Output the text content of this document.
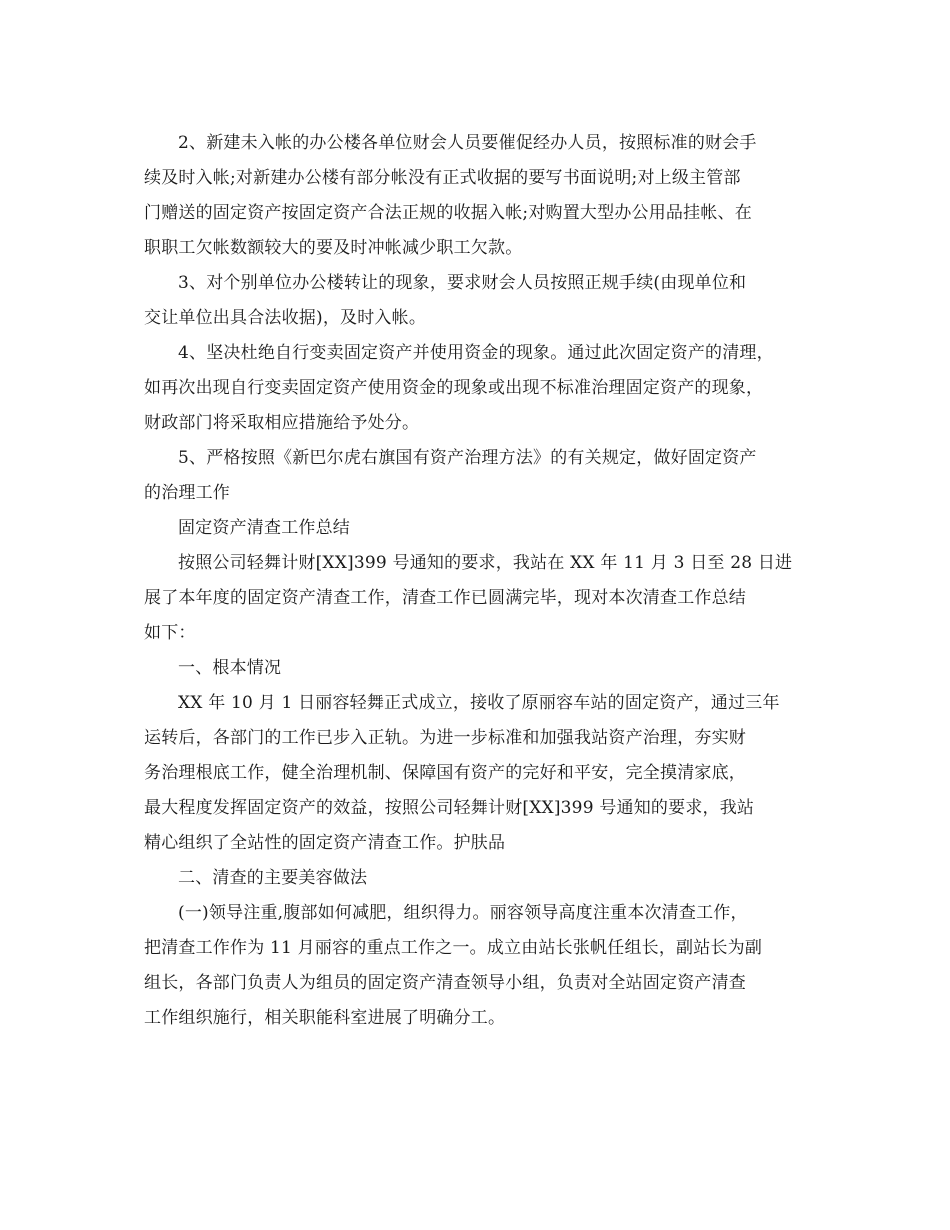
2、新建未入帐的办公楼各单位财会人员要催促经办人员，按照标准的财会手
续及时入帐;对新建办公楼有部分帐没有正式收据的要写书面说明;对上级主管部
门赠送的固定资产按固定资产合法正规的收据入帐;对购置大型办公用品挂帐、在
职职工欠帐数额较大的要及时冲帐减少职工欠款。
3、对个别单位办公楼转让的现象，要求财会人员按照正规手续(由现单位和
交让单位出具合法收据)，及时入帐。
4、坚决杜绝自行变卖固定资产并使用资金的现象。通过此次固定资产的清理，
如再次出现自行变卖固定资产使用资金的现象或出现不标准治理固定资产的现象，
财政部门将采取相应措施给予处分。
5、严格按照《新巴尔虎右旗国有资产治理方法》的有关规定，做好固定资产
的治理工作
固定资产清查工作总结
按照公司轻舞计财[XX]399 号通知的要求，我站在 XX 年 11 月 3 日至 28 日进
展了本年度的固定资产清查工作，清查工作已圆满完毕，现对本次清查工作总结
如下：
一、根本情况
XX 年 10 月 1 日丽容轻舞正式成立，接收了原丽容车站的固定资产，通过三年
运转后，各部门的工作已步入正轨。为进一步标准和加强我站资产治理，夯实财
务治理根底工作，健全治理机制、保障国有资产的完好和平安，完全摸清家底，
最大程度发挥固定资产的效益，按照公司轻舞计财[XX]399 号通知的要求，我站
精心组织了全站性的固定资产清查工作。护肤品
二、清查的主要美容做法
(一)领导注重,腹部如何减肥，组织得力。丽容领导高度注重本次清查工作，
把清查工作作为 11 月丽容的重点工作之一。成立由站长张帆任组长，副站长为副
组长，各部门负责人为组员的固定资产清查领导小组，负责对全站固定资产清查
工作组织施行，相关职能科室进展了明确分工。
